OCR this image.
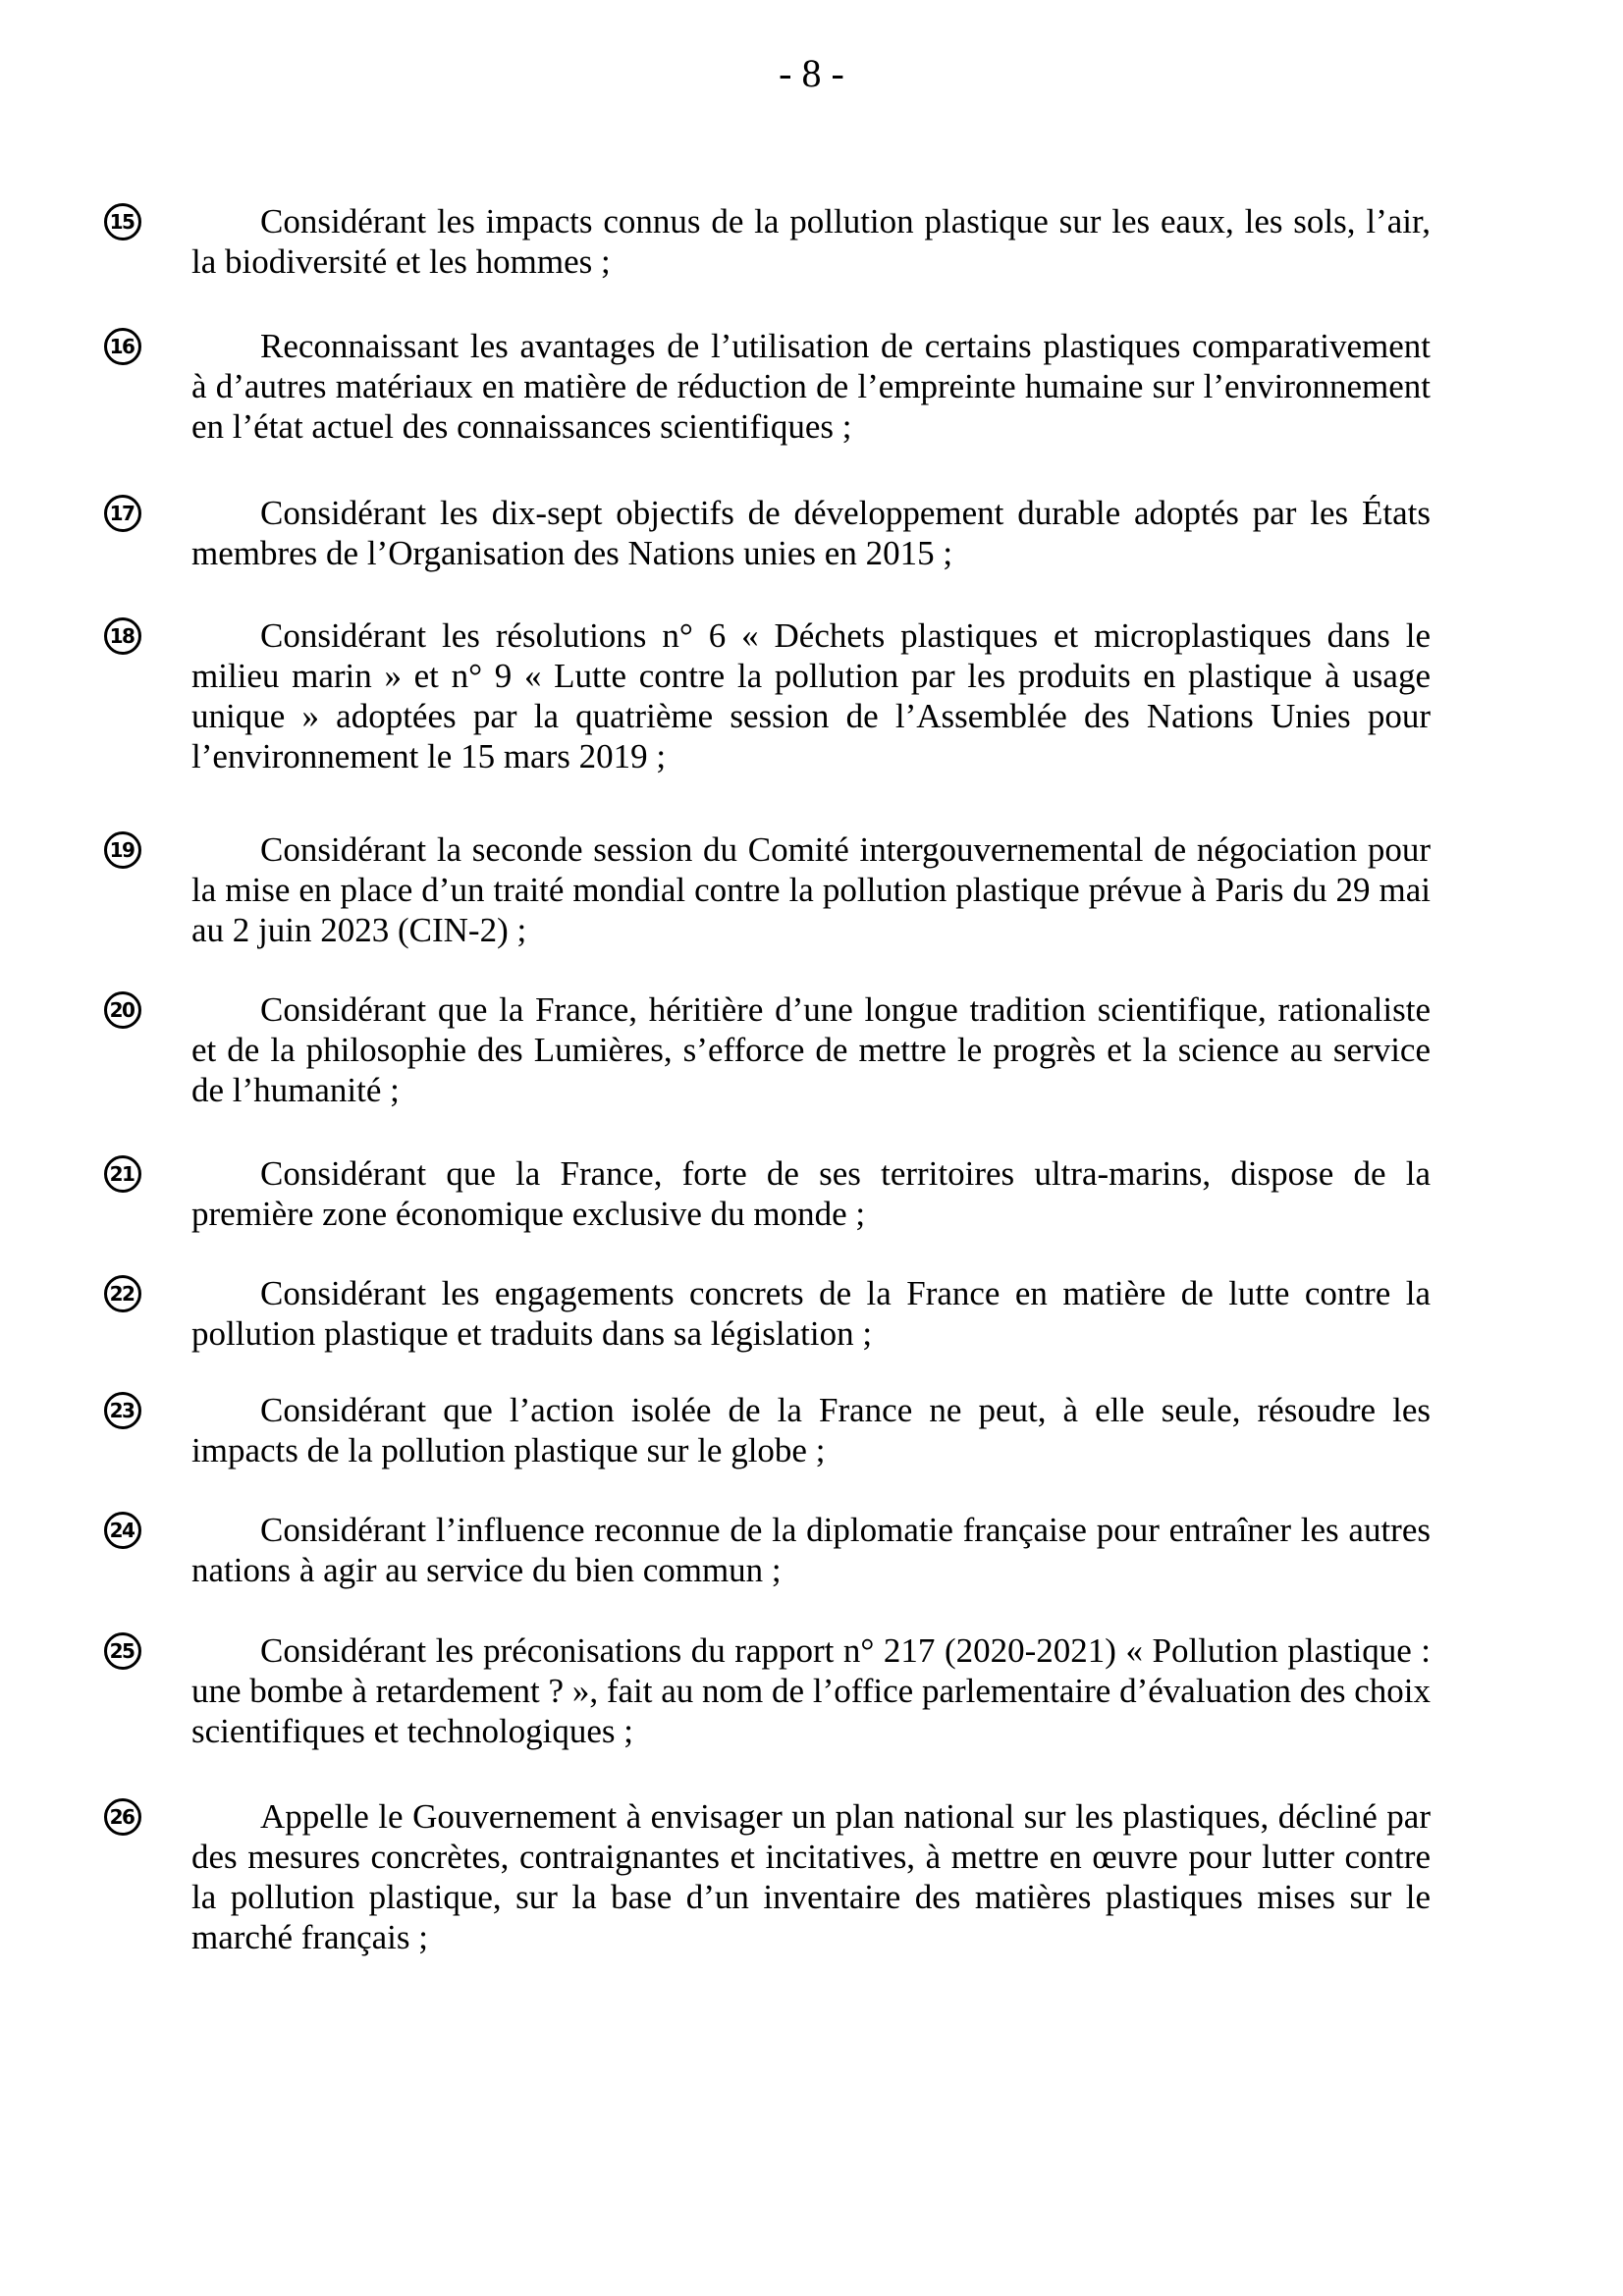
- 8 -
15	Considérant les impacts connus de la pollution plastique sur les eaux, les sols, l’air, la biodiversité et les hommes ;

16	Reconnaissant les avantages de l’utilisation de certains plastiques comparativement à d’autres matériaux en matière de réduction de l’empreinte humaine sur l’environnement en l’état actuel des connaissances scientifiques ;

17	Considérant les dix-sept objectifs de développement durable adoptés par les États membres de l’Organisation des Nations unies en 2015 ;

18	Considérant les résolutions n° 6 « Déchets plastiques et microplastiques dans le milieu marin » et n° 9 « Lutte contre la pollution par les produits en plastique à usage unique » adoptées par la quatrième session de l’Assemblée des Nations Unies pour l’environnement le 15 mars 2019 ;

19	Considérant la seconde session du Comité intergouvernemental de négociation pour la mise en place d’un traité mondial contre la pollution plastique prévue à Paris du 29 mai au 2 juin 2023 (CIN-2) ;

20	Considérant que la France, héritière d’une longue tradition scientifique, rationaliste et de la philosophie des Lumières, s’efforce de mettre le progrès et la science au service de l’humanité ;

21	Considérant que la France, forte de ses territoires ultra-marins, dispose de la première zone économique exclusive du monde ;

22	Considérant les engagements concrets de la France en matière de lutte contre la pollution plastique et traduits dans sa législation ;

23	Considérant que l’action isolée de la France ne peut, à elle seule, résoudre les impacts de la pollution plastique sur le globe ;

24	Considérant l’influence reconnue de la diplomatie française pour entraîner les autres nations à agir au service du bien commun ;

25	Considérant les préconisations du rapport n° 217 (2020-2021) « Pollution plastique : une bombe à retardement ? », fait au nom de l’office parlementaire d’évaluation des choix scientifiques et technologiques ;

26	Appelle le Gouvernement à envisager un plan national sur les plastiques, décliné par des mesures concrètes, contraignantes et incitatives, à mettre en œuvre pour lutter contre la pollution plastique, sur la base d’un inventaire des matières plastiques mises sur le marché français ;
